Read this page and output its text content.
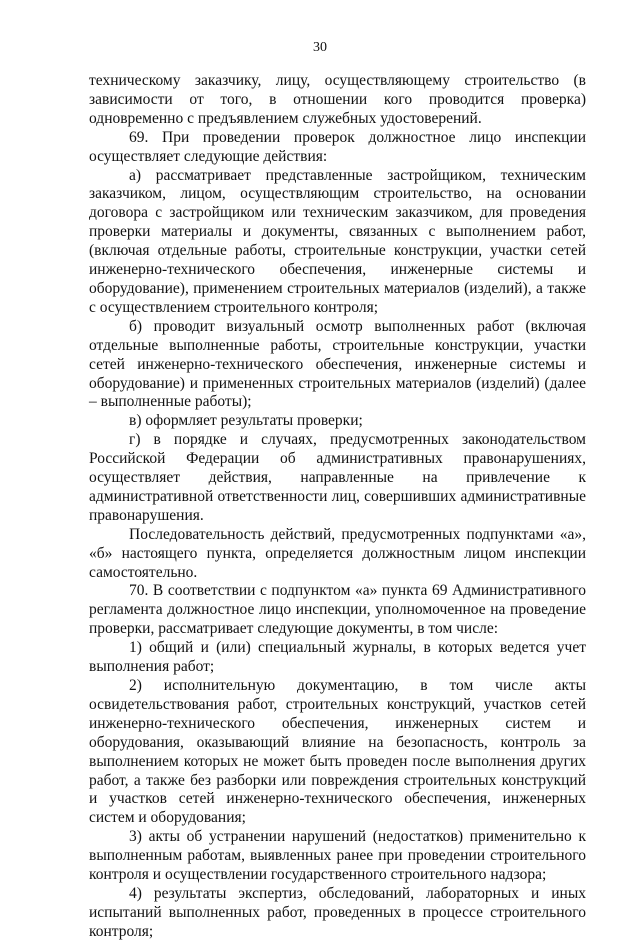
30

техническому заказчику, лицу, осуществляющему строительство (в зависимости от того, в отношении кого проводится проверка) одновременно с предъявлением служебных удостоверений.

69. При проведении проверок должностное лицо инспекции осуществляет следующие действия:

а) рассматривает представленные застройщиком, техническим заказчиком, лицом, осуществляющим строительство, на основании договора с застройщиком или техническим заказчиком, для проведения проверки материалы и документы, связанных с выполнением работ, (включая отдельные работы, строительные конструкции, участки сетей инженерно-технического обеспечения, инженерные системы и оборудование), применением строительных материалов (изделий), а также с осуществлением строительного контроля;

б) проводит визуальный осмотр выполненных работ (включая отдельные выполненные работы, строительные конструкции, участки сетей инженерно-технического обеспечения, инженерные системы и оборудование) и примененных строительных материалов (изделий) (далее – выполненные работы);

в) оформляет результаты проверки;

г) в порядке и случаях, предусмотренных законодательством Российской Федерации об административных правонарушениях, осуществляет действия, направленные на привлечение к административной ответственности лиц, совершивших административные правонарушения.

Последовательность действий, предусмотренных подпунктами «а», «б» настоящего пункта, определяется должностным лицом инспекции самостоятельно.

70. В соответствии с подпунктом «а» пункта 69 Административного регламента должностное лицо инспекции, уполномоченное на проведение проверки, рассматривает следующие документы, в том числе:

1) общий и (или) специальный журналы, в которых ведется учет выполнения работ;

2) исполнительную документацию, в том числе акты освидетельствования работ, строительных конструкций, участков сетей инженерно-технического обеспечения, инженерных систем и оборудования, оказывающий влияние на безопасность, контроль за выполнением которых не может быть проведен после выполнения других работ, а также без разборки или повреждения строительных конструкций и участков сетей инженерно-технического обеспечения, инженерных систем и оборудования;

3) акты об устранении нарушений (недостатков) применительно к выполненным работам, выявленных ранее при проведении строительного контроля и осуществлении государственного строительного надзора;

4) результаты экспертиз, обследований, лабораторных и иных испытаний выполненных работ, проведенных в процессе строительного контроля;
